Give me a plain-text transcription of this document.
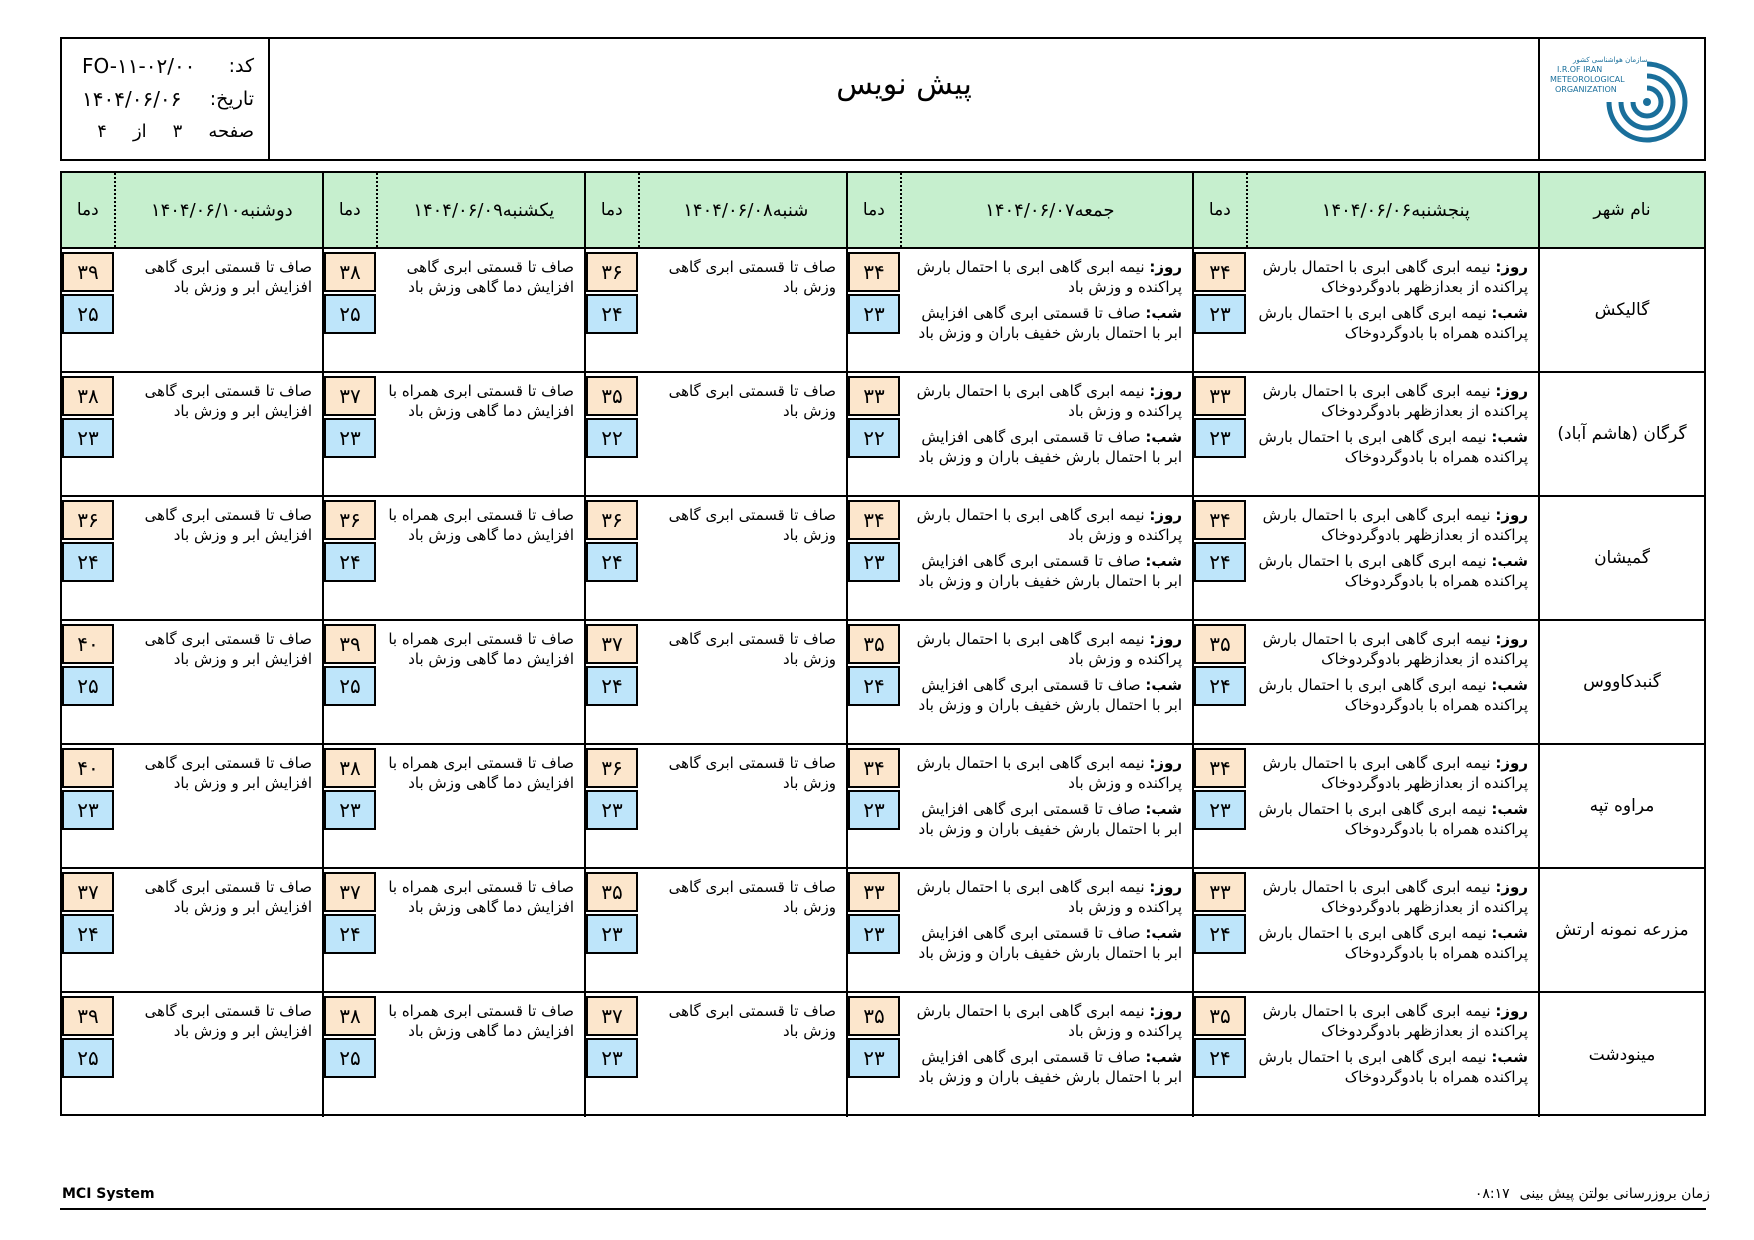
کد:
FO-۱۱-۰۲/۰۰
تاریخ:
۱۴۰۴/۰۶/۰۶
صفحه
۳
از
۴
پیش نویس
سازمان هواشناسی کشور
I.R.OF IRAN
METEOROLOGICAL
ORGANIZATION
نام شهر
پنجشنبه
۱۴۰۴/۰۶/۰۶
دما
جمعه
۱۴۰۴/۰۶/۰۷
دما
شنبه
۱۴۰۴/۰۶/۰۸
دما
یکشنبه
۱۴۰۴/۰۶/۰۹
دما
دوشنبه
۱۴۰۴/۰۶/۱۰
دما
گالیکش
روز: نیمه ابری گاهی ابری با احتمال بارش پراکنده از بعدازظهر بادوگردوخاک
شب: نیمه ابری گاهی ابری با احتمال بارش پراکنده همراه با بادوگردوخاک
۳۴
۲۳
روز: نیمه ابری گاهی ابری با احتمال بارش پراکنده و وزش باد
شب: صاف تا قسمتی ابری گاهی افزایش ابر با احتمال بارش خفیف باران و وزش باد
۳۴
۲۳
صاف تا قسمتی ابری گاهی وزش باد
۳۶
۲۴
صاف تا قسمتی ابری گاهی افزایش دما گاهی وزش باد
۳۸
۲۵
صاف تا قسمتی ابری گاهی افزایش ابر و وزش باد
۳۹
۲۵
گرگان (هاشم آباد)
روز: نیمه ابری گاهی ابری با احتمال بارش پراکنده از بعدازظهر بادوگردوخاک
شب: نیمه ابری گاهی ابری با احتمال بارش پراکنده همراه با بادوگردوخاک
۳۳
۲۳
روز: نیمه ابری گاهی ابری با احتمال بارش پراکنده و وزش باد
شب: صاف تا قسمتی ابری گاهی افزایش ابر با احتمال بارش خفیف باران و وزش باد
۳۳
۲۲
صاف تا قسمتی ابری گاهی وزش باد
۳۵
۲۲
صاف تا قسمتی ابری همراه با افزایش دما گاهی وزش باد
۳۷
۲۳
صاف تا قسمتی ابری گاهی افزایش ابر و وزش باد
۳۸
۲۳
گمیشان
روز: نیمه ابری گاهی ابری با احتمال بارش پراکنده از بعدازظهر بادوگردوخاک
شب: نیمه ابری گاهی ابری با احتمال بارش پراکنده همراه با بادوگردوخاک
۳۴
۲۴
روز: نیمه ابری گاهی ابری با احتمال بارش پراکنده و وزش باد
شب: صاف تا قسمتی ابری گاهی افزایش ابر با احتمال بارش خفیف باران و وزش باد
۳۴
۲۳
صاف تا قسمتی ابری گاهی وزش باد
۳۶
۲۴
صاف تا قسمتی ابری همراه با افزایش دما گاهی وزش باد
۳۶
۲۴
صاف تا قسمتی ابری گاهی افزایش ابر و وزش باد
۳۶
۲۴
گنبدکاووس
روز: نیمه ابری گاهی ابری با احتمال بارش پراکنده از بعدازظهر بادوگردوخاک
شب: نیمه ابری گاهی ابری با احتمال بارش پراکنده همراه با بادوگردوخاک
۳۵
۲۴
روز: نیمه ابری گاهی ابری با احتمال بارش پراکنده و وزش باد
شب: صاف تا قسمتی ابری گاهی افزایش ابر با احتمال بارش خفیف باران و وزش باد
۳۵
۲۴
صاف تا قسمتی ابری گاهی وزش باد
۳۷
۲۴
صاف تا قسمتی ابری همراه با افزایش دما گاهی وزش باد
۳۹
۲۵
صاف تا قسمتی ابری گاهی افزایش ابر و وزش باد
۴۰
۲۵
مراوه تپه
روز: نیمه ابری گاهی ابری با احتمال بارش پراکنده از بعدازظهر بادوگردوخاک
شب: نیمه ابری گاهی ابری با احتمال بارش پراکنده همراه با بادوگردوخاک
۳۴
۲۳
روز: نیمه ابری گاهی ابری با احتمال بارش پراکنده و وزش باد
شب: صاف تا قسمتی ابری گاهی افزایش ابر با احتمال بارش خفیف باران و وزش باد
۳۴
۲۳
صاف تا قسمتی ابری گاهی وزش باد
۳۶
۲۳
صاف تا قسمتی ابری همراه با افزایش دما گاهی وزش باد
۳۸
۲۳
صاف تا قسمتی ابری گاهی افزایش ابر و وزش باد
۴۰
۲۳
مزرعه نمونه ارتش
روز: نیمه ابری گاهی ابری با احتمال بارش پراکنده از بعدازظهر بادوگردوخاک
شب: نیمه ابری گاهی ابری با احتمال بارش پراکنده همراه با بادوگردوخاک
۳۳
۲۴
روز: نیمه ابری گاهی ابری با احتمال بارش پراکنده و وزش باد
شب: صاف تا قسمتی ابری گاهی افزایش ابر با احتمال بارش خفیف باران و وزش باد
۳۳
۲۳
صاف تا قسمتی ابری گاهی وزش باد
۳۵
۲۳
صاف تا قسمتی ابری همراه با افزایش دما گاهی وزش باد
۳۷
۲۴
صاف تا قسمتی ابری گاهی افزایش ابر و وزش باد
۳۷
۲۴
مینودشت
روز: نیمه ابری گاهی ابری با احتمال بارش پراکنده از بعدازظهر بادوگردوخاک
شب: نیمه ابری گاهی ابری با احتمال بارش پراکنده همراه با بادوگردوخاک
۳۵
۲۴
روز: نیمه ابری گاهی ابری با احتمال بارش پراکنده و وزش باد
شب: صاف تا قسمتی ابری گاهی افزایش ابر با احتمال بارش خفیف باران و وزش باد
۳۵
۲۳
صاف تا قسمتی ابری گاهی وزش باد
۳۷
۲۳
صاف تا قسمتی ابری همراه با افزایش دما گاهی وزش باد
۳۸
۲۵
صاف تا قسمتی ابری گاهی افزایش ابر و وزش باد
۳۹
۲۵
MCI System	زمان بروزرسانی بولتن پیش بینی
۰۸:۱۷
